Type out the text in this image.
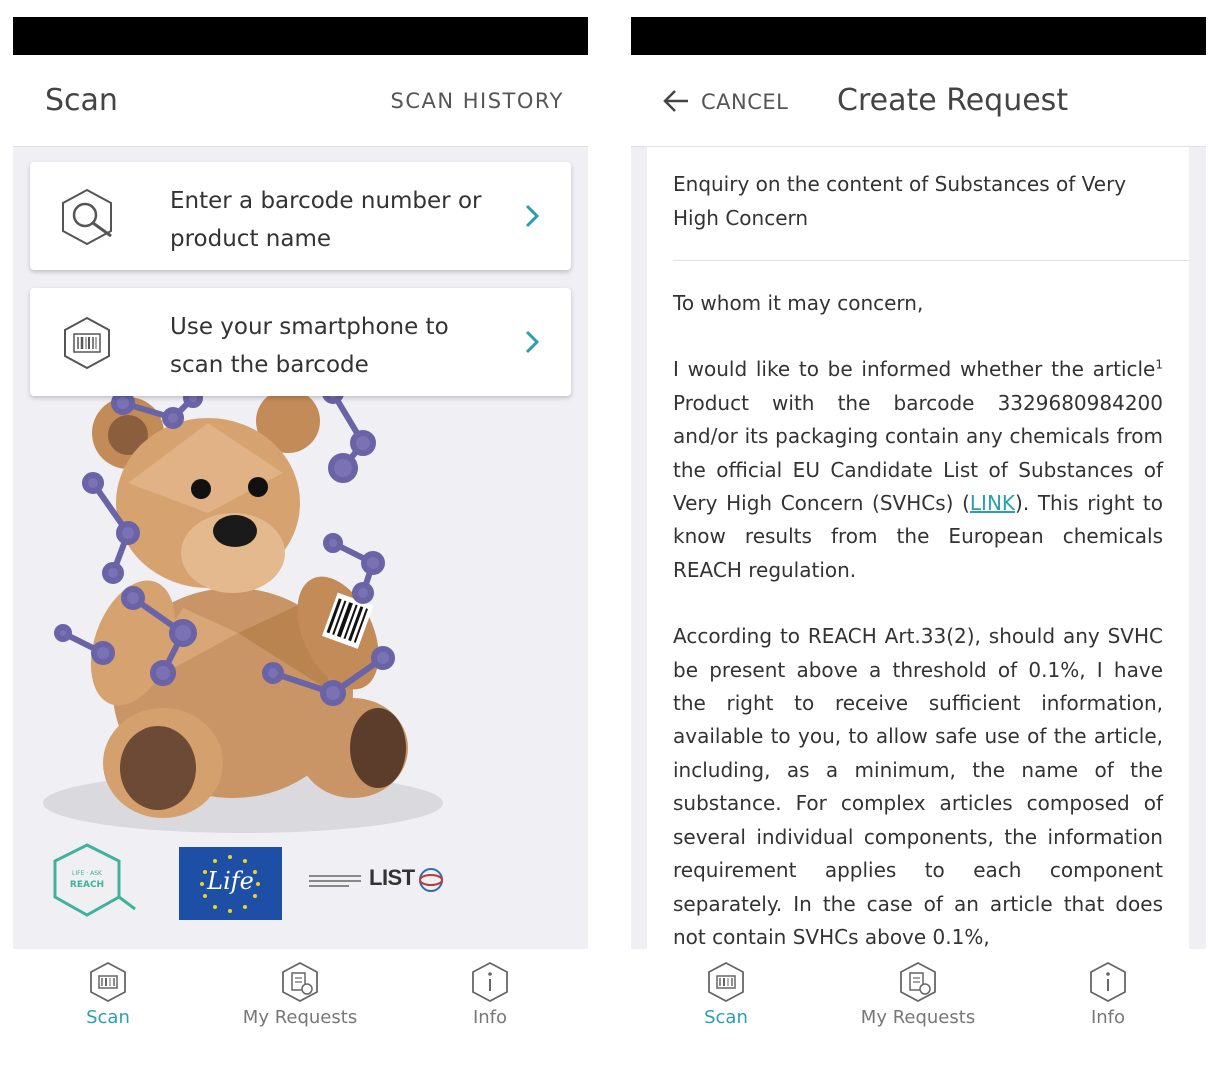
Scan	SCAN HISTORY
Enter a barcode number or product name
Use your smartphone to scan the barcode
LIFE · ASK
REACH	Life	LIST
Scan	My Requests	Info
CANCEL Create Request
Enquiry on the content of Substances of Very High Concern

To whom it may concern,

I would like to be informed whether the article$^1$ Product with the barcode 3329680984200 and/or its packaging contain any chemicals from the official EU Candidate List of Substances of Very High Concern (SVHCs) (LINK). This right to know results from the European chemicals REACH regulation.

According to REACH Art.33(2), should any SVHC be present above a threshold of 0.1%, I have the right to receive sufficient information, available to you, to allow safe use of the article, including, as a minimum, the name of the substance. For complex articles composed of several individual components, the information requirement applies to each component separately. In the case of an article that does not contain SVHCs above 0.1%,

Scan	My Requests	Info
